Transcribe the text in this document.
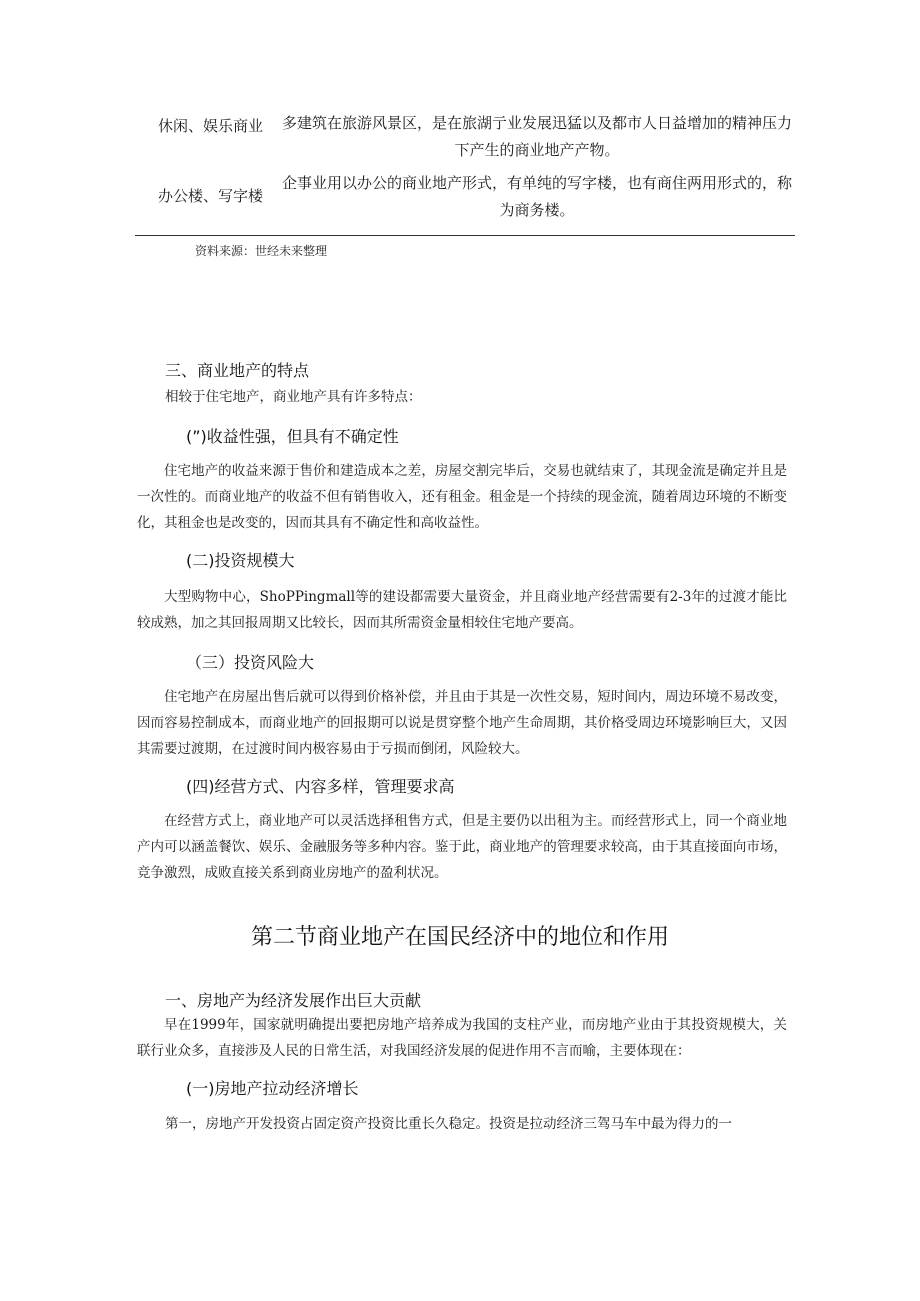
休闲、娱乐商业 多建筑在旅游风景区，是在旅湖亍业发展迅猛以及都市人日益增加的精神压力下产生的商业地产产物。
办公楼、写字楼
企事业用以办公的商业地产形式，有单纯的写字楼，也有商住两用形式的，称为商务楼。
资料来源：世经未来整理
三、商业地产的特点
相较于住宅地产，商业地产具有许多特点：
(”)收益性强，但具有不确定性
住宅地产的收益来源于售价和建造成本之差，房屋交割完毕后，交易也就结束了，其现金流是确定并且是一次性的。而商业地产的收益不但有销售收入，还有租金。租金是一个持续的现金流，随着周边环境的不断变化，其租金也是改变的，因而其具有不确定性和高收益性。
(二)投资规模大
大型购物中心，ShoPPingmall等的建设都需要大量资金，并且商业地产经营需要有2-3年的过渡才能比较成熟，加之其回报周期又比较长，因而其所需资金量相较住宅地产要高。
（三）投资风险大
住宅地产在房屋出售后就可以得到价格补偿，并且由于其是一次性交易，短时间内，周边环境不易改变，因而容易控制成本，而商业地产的回报期可以说是贯穿整个地产生命周期，其价格受周边环境影响巨大，又因其需要过渡期，在过渡时间内极容易由于亏损而倒闭，风险较大。
(四)经营方式、内容多样，管理要求高
在经营方式上，商业地产可以灵活选择租售方式，但是主要仍以出租为主。而经营形式上，同一个商业地产内可以涵盖餐饮、娱乐、金融服务等多种内容。鉴于此，商业地产的管理要求较高，由于其直接面向市场，竞争激烈，成败直接关系到商业房地产的盈利状况。
第二节商业地产在国民经济中的地位和作用
一、房地产为经济发展作出巨大贡献
早在1999年，国家就明确提出要把房地产培养成为我国的支柱产业，而房地产业由于其投资规模大，关联行业众多，直接涉及人民的日常生活，对我国经济发展的促进作用不言而喻，主要体现在：
(一)房地产拉动经济增长
第一，房地产开发投资占固定资产投资比重长久稳定。投资是拉动经济三驾马车中最为得力的一
